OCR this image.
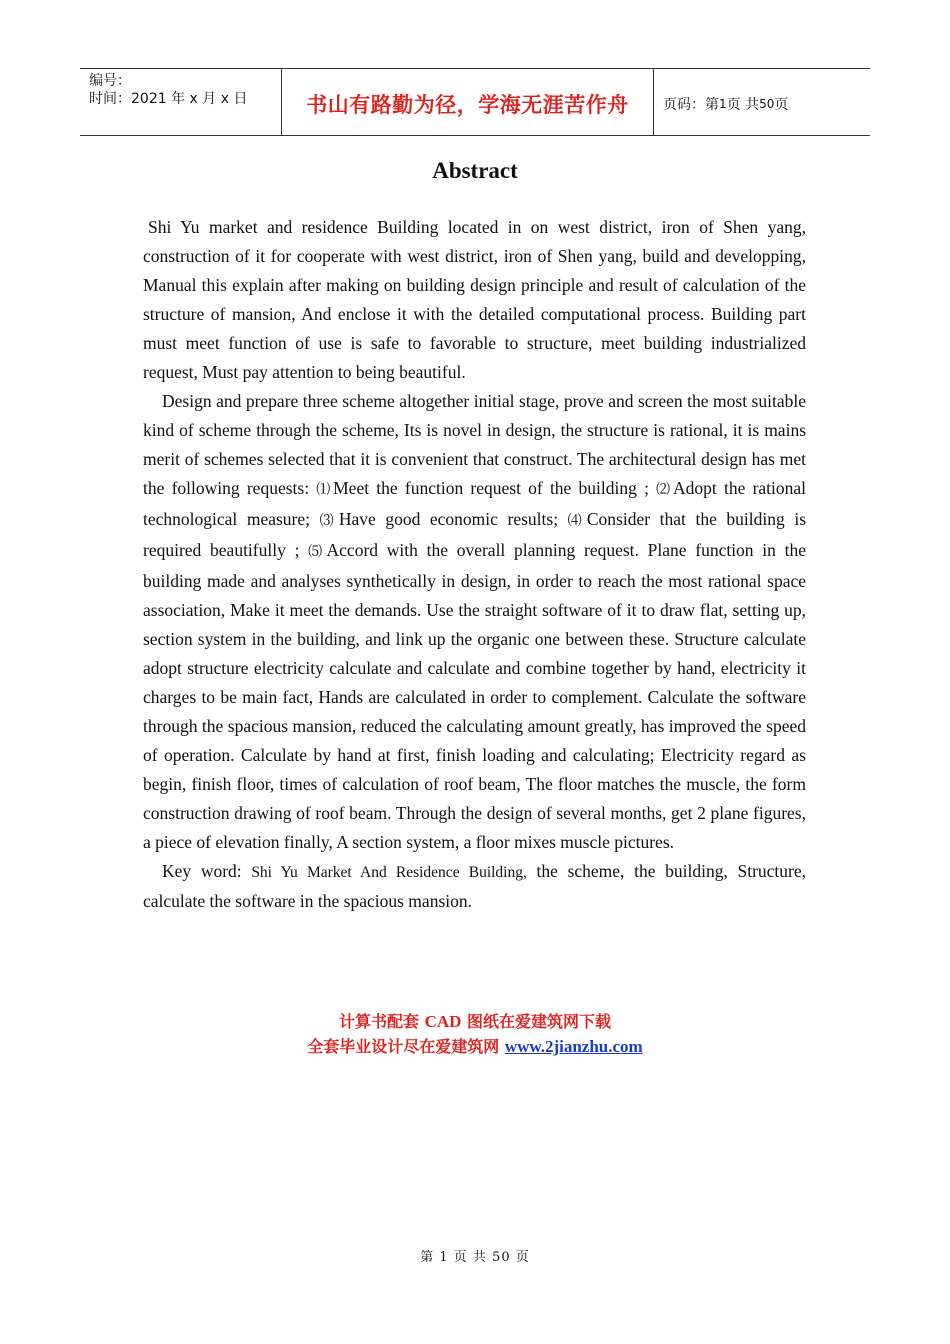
编号：
时间：2021 年 x 月 x 日	书山有路勤为径，学海无涯苦作舟 页码：第 1 页 共 50 页
Abstract

Shi Yu market and residence Building located in on west district, iron of Shen yang, construction of it for cooperate with west district, iron of Shen yang, build and developping, Manual this explain after making on building design principle and result of calculation of the structure of mansion, And enclose it with the detailed computational process. Building part must meet function of use is safe to favorable to structure, meet building industrialized request, Must pay attention to being beautiful.

Design and prepare three scheme altogether initial stage, prove and screen the most suitable kind of scheme through the scheme, Its is novel in design, the structure is rational, it is mains merit of schemes selected that it is convenient that construct. The architectural design has met the following requests: ⑴Meet the function request of the building ; ⑵Adopt the rational technological measure; ⑶Have good economic results; ⑷Consider that the building is required beautifully ; ⑸Accord with the overall planning request. Plane function in the building made and analyses synthetically in design, in order to reach the most rational space association, Make it meet the demands. Use the straight software of it to draw flat, setting up, section system in the building, and link up the organic one between these. Structure calculate adopt structure electricity calculate and calculate and combine together by hand, electricity it charges to be main fact, Hands are calculated in order to complement. Calculate the software through the spacious mansion, reduced the calculating amount greatly, has improved the speed of operation. Calculate by hand at first, finish loading and calculating; Electricity regard as begin, finish floor, times of calculation of roof beam, The floor matches the muscle, the form construction drawing of roof beam. Through the design of several months, get 2 plane figures, a piece of elevation finally, A section system, a floor mixes muscle pictures.

Key word: Shi Yu Market And Residence Building, the scheme, the building, Structure, calculate the software in the spacious mansion.

计算书配套 CAD 图纸在爱建筑网下载
全套毕业设计尽在爱建筑网 www.2jianzhu.com
第 1 页 共 50 页
